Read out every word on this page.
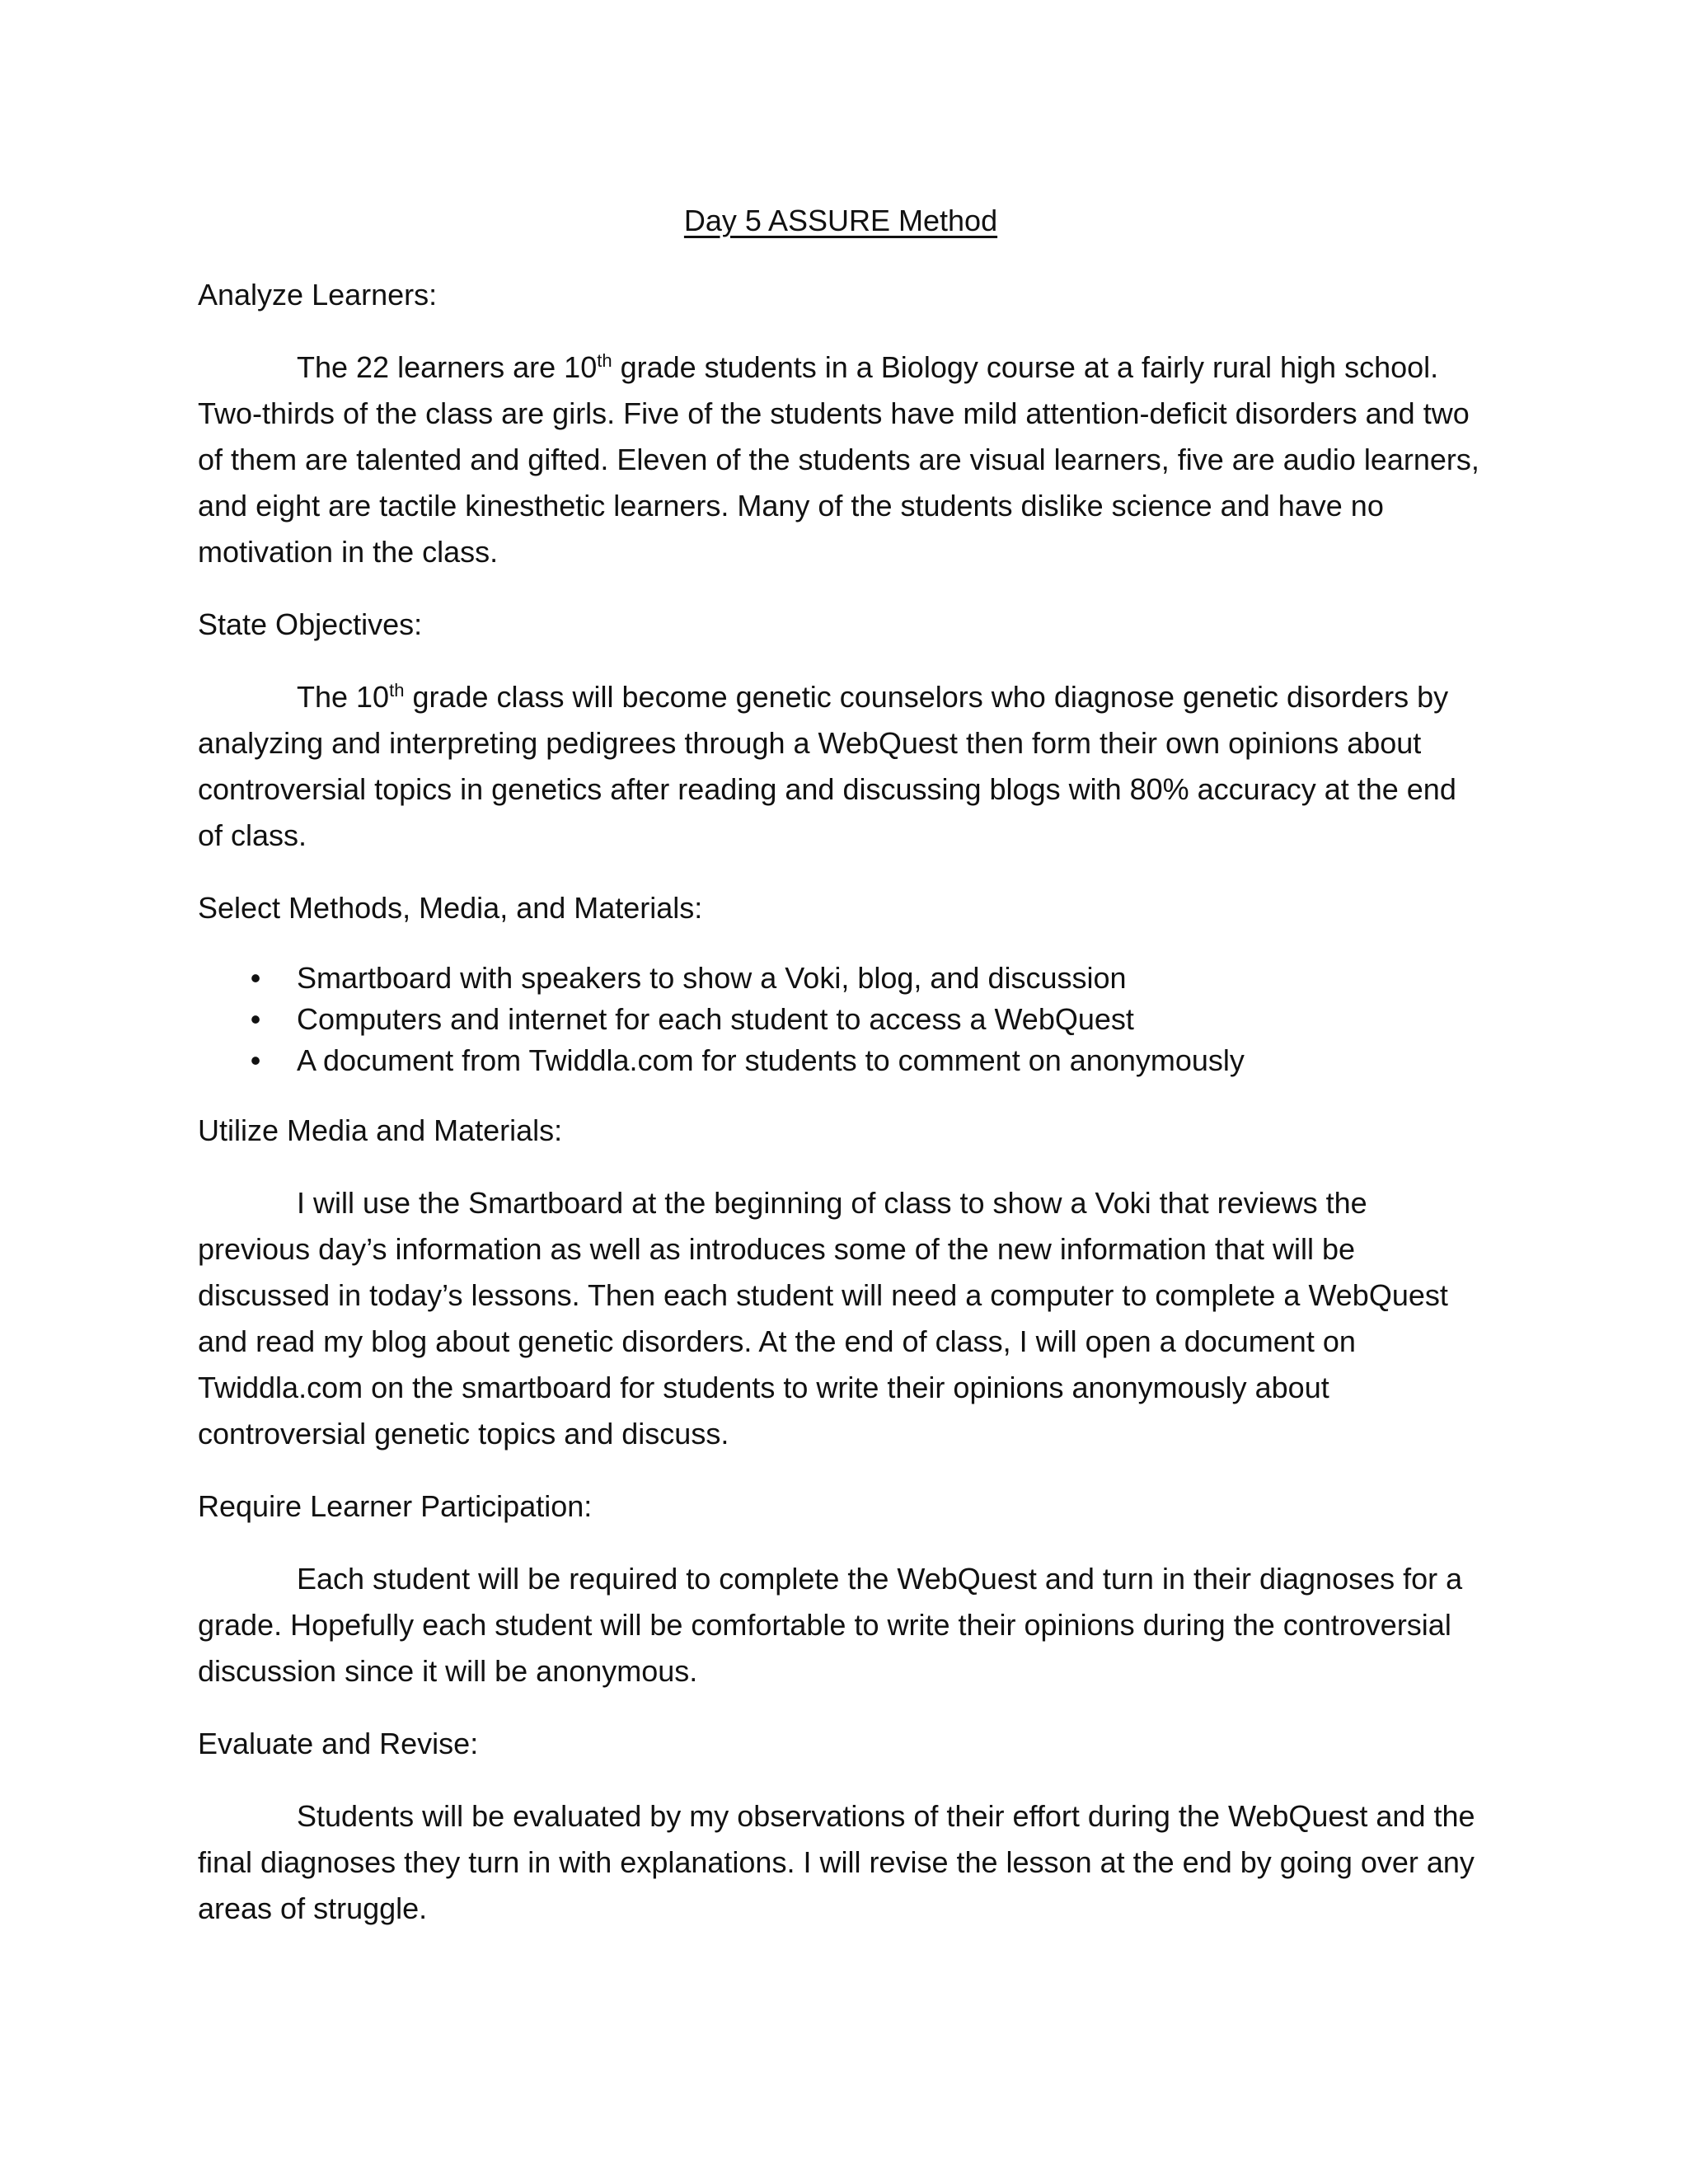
Day 5 ASSURE Method
Analyze Learners:

The 22 learners are 10th grade students in a Biology course at a fairly rural high school. Two-thirds of the class are girls. Five of the students have mild attention-deficit disorders and two of them are talented and gifted. Eleven of the students are visual learners, five are audio learners, and eight are tactile kinesthetic learners. Many of the students dislike science and have no motivation in the class.

State Objectives:

The 10th grade class will become genetic counselors who diagnose genetic disorders by analyzing and interpreting pedigrees through a WebQuest then form their own opinions about controversial topics in genetics after reading and discussing blogs with 80% accuracy at the end of class.

Select Methods, Media, and Materials:
• Smartboard with speakers to show a Voki, blog, and discussion
• Computers and internet for each student to access a WebQuest
• A document from Twiddla.com for students to comment on anonymously
Utilize Media and Materials:

I will use the Smartboard at the beginning of class to show a Voki that reviews the previous day’s information as well as introduces some of the new information that will be discussed in today’s lessons. Then each student will need a computer to complete a WebQuest and read my blog about genetic disorders. At the end of class, I will open a document on Twiddla.com on the smartboard for students to write their opinions anonymously about controversial genetic topics and discuss.

Require Learner Participation:

Each student will be required to complete the WebQuest and turn in their diagnoses for a grade. Hopefully each student will be comfortable to write their opinions during the controversial discussion since it will be anonymous.

Evaluate and Revise:

Students will be evaluated by my observations of their effort during the WebQuest and the final diagnoses they turn in with explanations. I will revise the lesson at the end by going over any areas of struggle.
